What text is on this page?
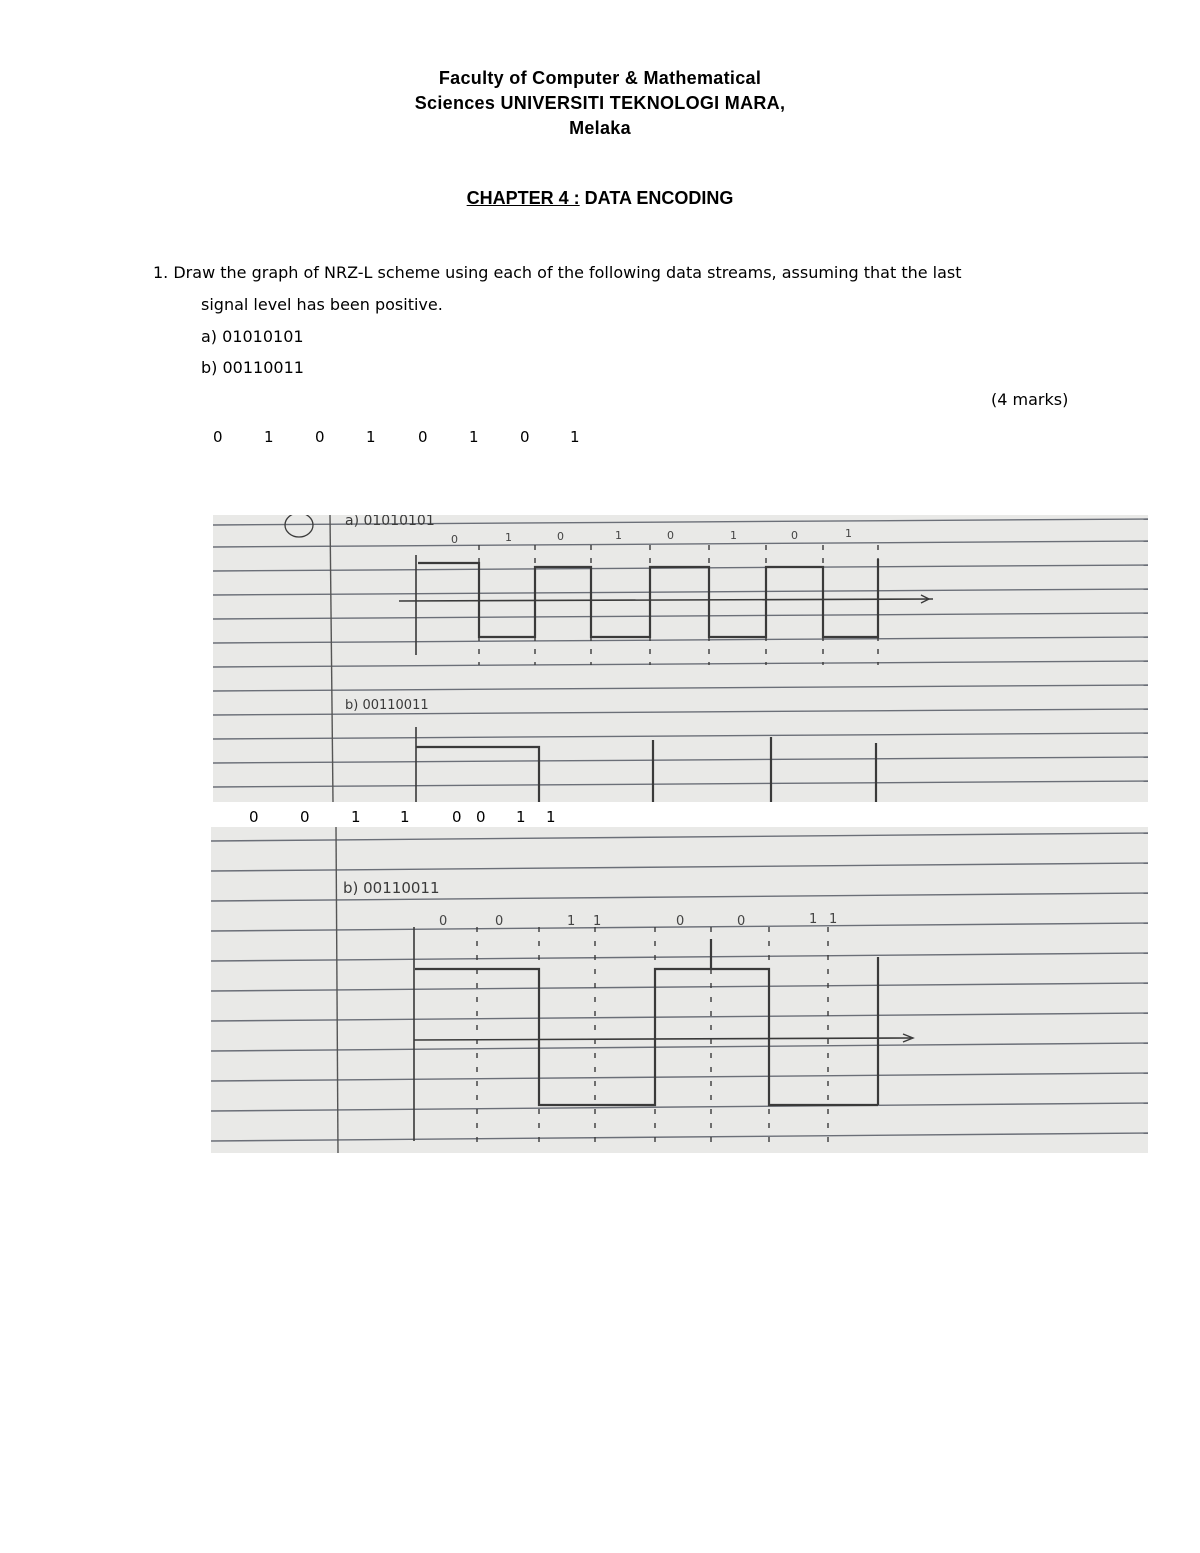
Faculty of Computer & Mathematical
Sciences UNIVERSITI TEKNOLOGI MARA,
Melaka
CHAPTER 4 : DATA ENCODING
1. Draw the graph of NRZ-L scheme using each of the following data streams, assuming that the last
signal level has been positive.
a) 01010101
b) 00110011
(4 marks)
0	1	0	1	0	1	0	1
a) 01010101
0	1	0	1	0	1	0	1
b) 00110011
0	0	1	1	0 0 1 1
b) 00110011
0	0	1 1	0	0	1 1
